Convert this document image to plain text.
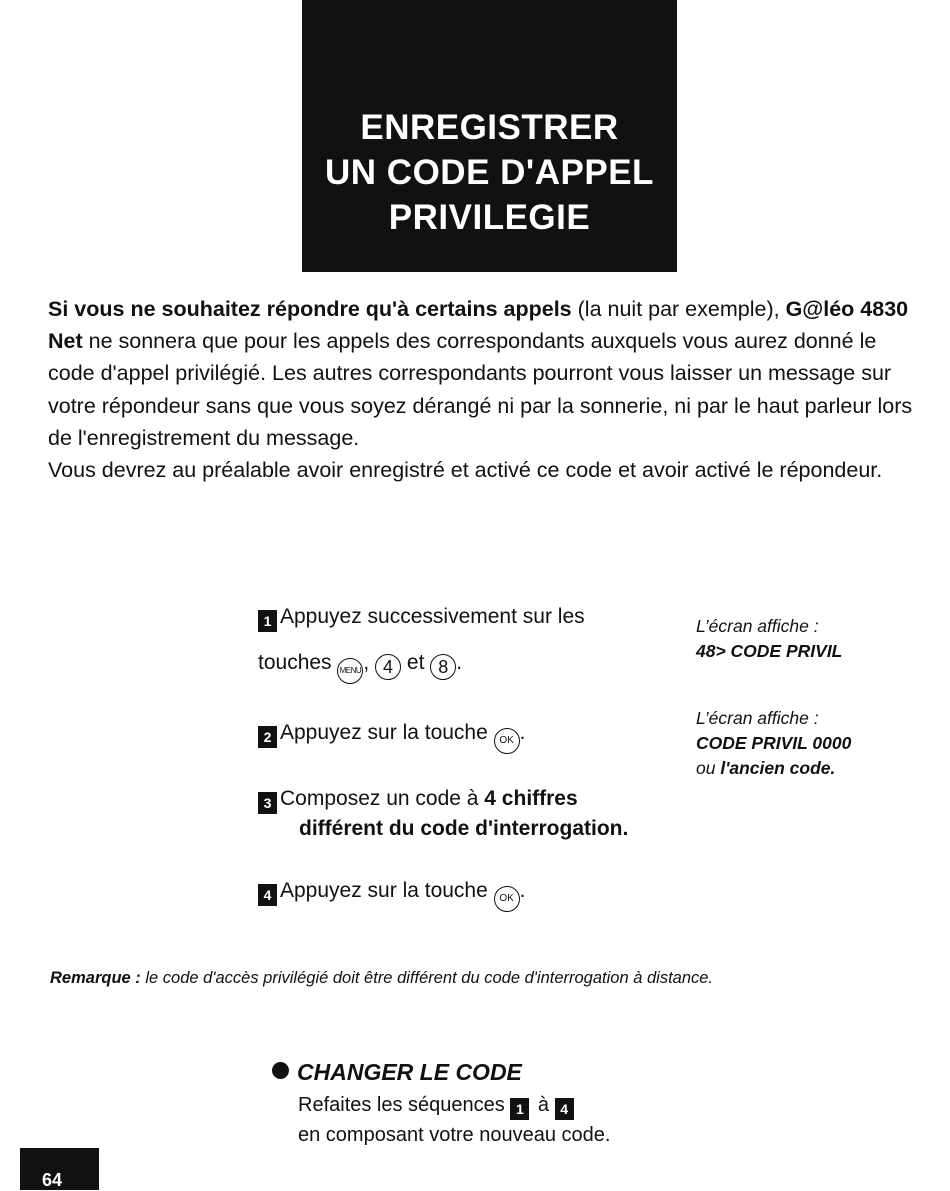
ENREGISTRER
UN CODE D'APPEL
PRIVILEGIE

Si vous ne souhaitez répondre qu'à certains appels (la nuit par exemple), G@léo 4830 Net ne sonnera que pour les appels des correspondants auxquels vous aurez donné le code d'appel privilégié. Les autres correspondants pourront vous laisser un message sur votre répondeur sans que vous soyez dérangé ni par la sonnerie, ni par le haut parleur lors de l'enregistrement du message.

Vous devrez au préalable avoir enregistré et activé ce code et avoir activé le répondeur.

1 Appuyez successivement sur les
touches MENU , 4 et 8 .
2 Appuyez sur la touche OK .
3 Composez un code à 4 chiffres
différent du code d'interrogation.
4 Appuyez sur la touche OK .
L’écran affiche :
48> CODE PRIVIL
L’écran affiche :
CODE PRIVIL 0000
ou l'ancien code.
Remarque : le code d'accès privilégié doit être différent du code d'interrogation à distance.
CHANGER LE CODE
Refaites les séquences 1 à 4
en composant votre nouveau code.
64
